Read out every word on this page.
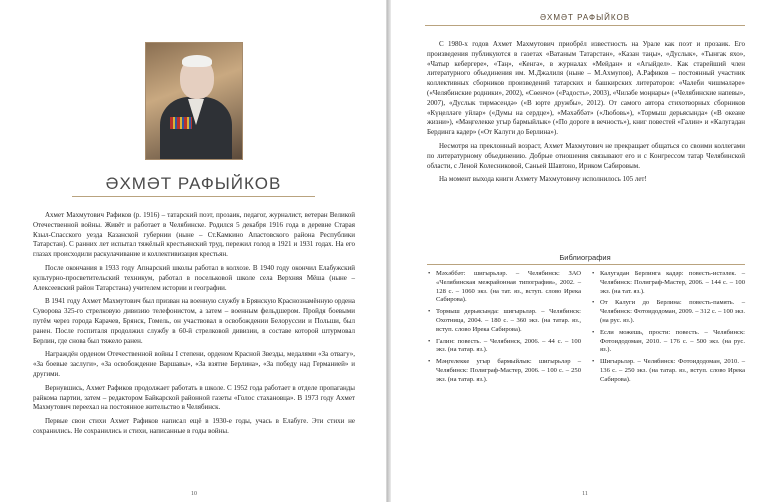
ӘХМӘТ РАФЫЙКОВ

Ахмет Махмутович Рафиков (р. 1916) – татарский поэт, прозаик, педагог, журналист, ветеран Великой Отечественной войны. Живёт и работает в Челябинске. Родился 5 декабря 1916 года в деревне Старая Кзыл-Спасского уезда Казанской губернии (ныне – Ст.Камкино Апастовского района Республики Татарстан). С ранних лет испытал тяжёлый крестьянский труд, пережил голод в 1921 и 1931 годах. На его глазах происходили раскулачивание и коллективизация крестьян.

После окончания в 1933 году Апнарский школы работал в колхозе. В 1940 году окончил Елабужский культурно-просветительский техникум, работал в посельковой школе села Верхняя Мёша (ныне – Алексеевский район Татарстана) учителем истории и географии.

В 1941 году Ахмет Махмутович был призван на военную службу в Брянскую Краснознамённую ордена Суворова 325-го стрелковую дивизию телефонистом, а затем – военным фельдшером. Пройдя боевыми путём через города Карачев, Брянск, Гомель, он участвовал в освобождении Белоруссии и Польши, был ранен. После госпиталя продолжил службу в 60-й стрелковой дивизии, в составе которой штурмовал Берлин, где снова был тяжело ранен.

Награждён орденом Отечественной войны I степени, орденом Красной Звезды, медалями «За отвагу», «За боевые заслуги», «За освобождение Варшавы», «За взятие Берлина», «За победу над Германией» и другими.

Вернувшись, Ахмет Рафиков продолжает работать в школе. С 1952 года работает в отделе пропаганды райкома партии, затем – редактором Байкарской районной газеты «Голос стахановца». В 1973 году Ахмет Махмутович переехал на постоянное жительство в Челябинск.

Первые свои стихи Ахмет Рафиков написал ещё в 1930-е годы, учась в Елабуге. Эти стихи не сохранились. Не сохранились и стихи, написанные в годы войны.

10
ӘХМӘТ РАФЫЙКОВ

С 1980-х годов Ахмет Махмутович приобрёл известность на Урале как поэт и прозаик. Его произведения публикуются в газетах «Ватаным Татарстан», «Казан таңы», «Дуслык», «Тынгак яхо», «Чатыр кебергере», «Таң», «Кенгә», в журналах «Мейдан» и «Агыйдел». Как старейший член литературного объединения им. М.Джалиля (ныне – М.Ахмупов), А.Рафиков – постоянный участник коллективных сборников произведений татарских и башкирских литераторов: «Чалеби чишмәләре» («Челябинские родники», 2002), «Сөенчо» («Радость», 2003), «Чиләбе моңнары» («Челябинские напевы», 2007), «Дуслык тирмәсендә» («В юрте дружбы», 2012). От самого автора стихотворных сборников «Күңелләге уйлар» («Думы на сердце»), «Мәхәббәт» («Любовь»), «Тормыш дерьясында» («В океане жизни»), «Мәңгелекке угыр бармыйлык» («По дороге в вечность»), книг повестей «Галин» и «Калугадан Бердинга кадер» («От Калуги до Берлина»).

Несмотря на преклонный возраст, Ахмет Махмутович не прекращает общаться со своими коллегами по литературному объединению. Добрые отношения связывают его и с Конгрессом татар Челябинской области, с Леной Колесниковой, Саньей Шавтоно, Ириком Сабировым.

На момент выхода книги Ахмету Махмутовичу исполнилось 105 лет!

Библиография
• Мәхәббәт: шигырьләр. – Челябинск: ЗАО «Челябинская межрайонная типография», 2002. – 128 с. – 1060 экз. (на тат. яз., вступ. слово Ирека Сабирова).
• Тормыш дерьясында: шигырьләр. – Челябинск: Охотница, 2004. – 180 с. – 360 экз. (на татар. яз., вступ. слово Ирека Сабирова).
• Галин: повесть. – Челябинск, 2006. – 44 с. – 100 экз. (на татар. яз.).
• Мәңгелекке угыр бармыйлык: шигырьләр – Челябинск: Полиграф-Мастер, 2006. – 100 с. – 250 экз. (на татар. яз.).
• Калугадан Берлинга кадәр: повесть-истәлек. – Челябинск: Полиграф-Мастер, 2006. – 144 с. – 100 экз. (на тат. яз.).
• От Калуги до Берлина: повесть-память. – Челябинск: Фотоидодоман, 2009. – 312 с. – 100 экз. (на рус. яз.).
• Если можешь, прости: повесть. – Челябинск: Фотоидодоман, 2010. – 176 с. – 500 экз. (на рус. яз.).
• Шигырьләр. – Челябинск: Фотоидодоман, 2010. – 136 с. – 250 экз. (на татар. яз., вступ. слово Ирека Сабирова).
11
